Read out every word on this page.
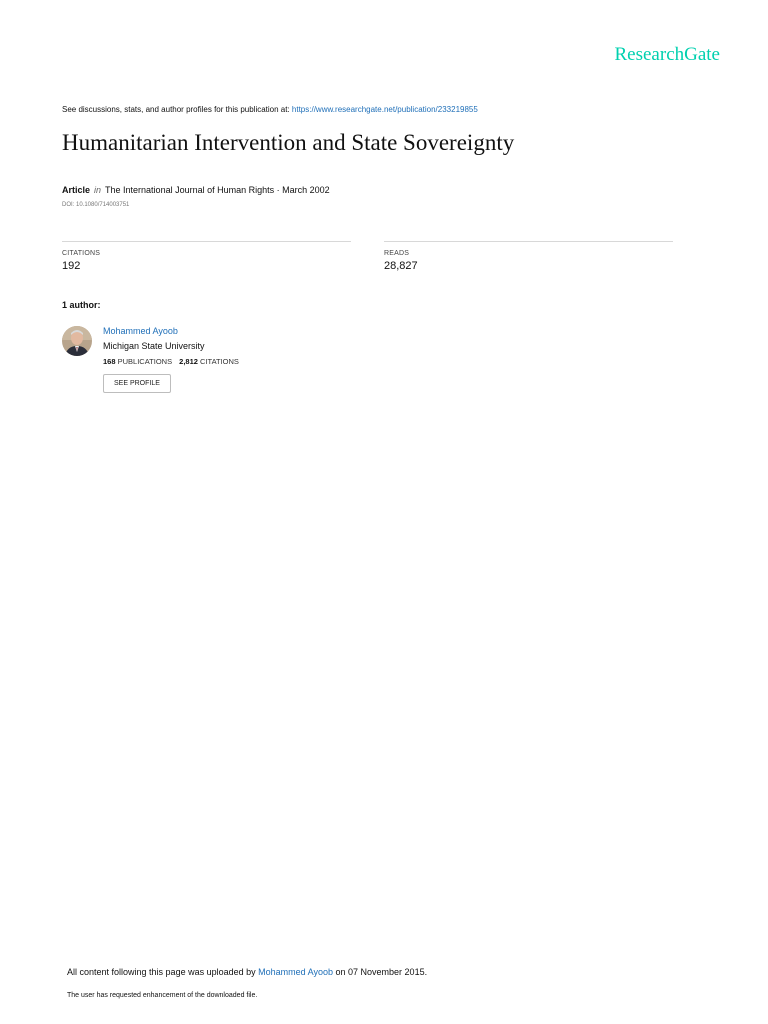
ResearchGate
See discussions, stats, and author profiles for this publication at: https://www.researchgate.net/publication/233219855
Humanitarian Intervention and State Sovereignty
Article in The International Journal of Human Rights · March 2002
DOI: 10.1080/714003751
CITATIONS
192
READS
28,827
1 author:
Mohammed Ayoob
Michigan State University
168 PUBLICATIONS 2,812 CITATIONS
SEE PROFILE
All content following this page was uploaded by Mohammed Ayoob on 07 November 2015.
The user has requested enhancement of the downloaded file.
